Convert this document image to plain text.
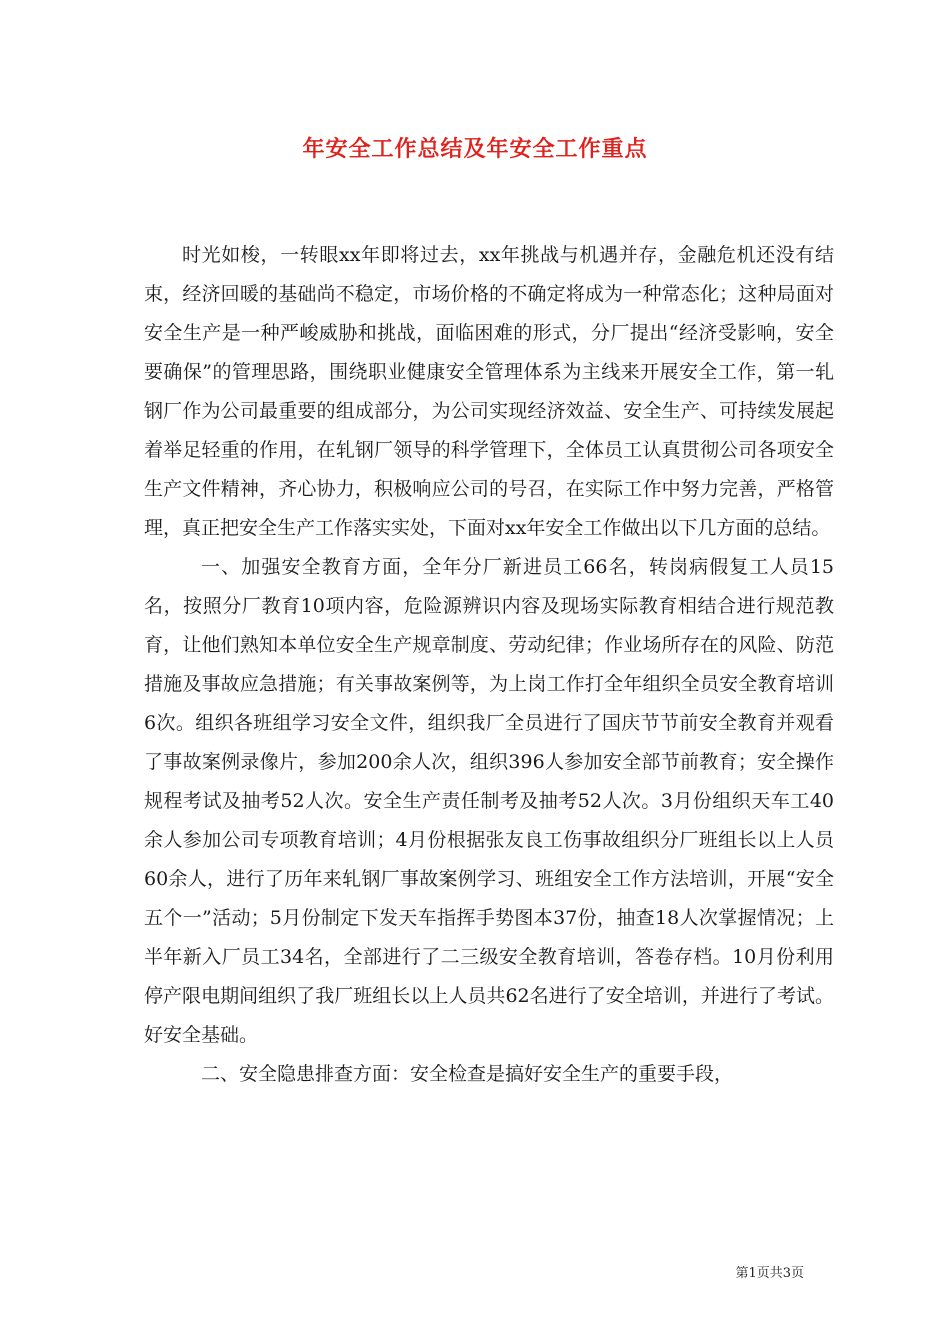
年安全工作总结及年安全工作重点

时光如梭，一转眼xx年即将过去，xx年挑战与机遇并存，金融危机还没有结束，经济回暖的基础尚不稳定，市场价格的不确定将成为一种常态化；这种局面对安全生产是一种严峻威胁和挑战，面临困难的形式，分厂提出“经济受影响，安全要确保”的管理思路，围绕职业健康安全管理体系为主线来开展安全工作，第一轧钢厂作为公司最重要的组成部分，为公司实现经济效益、安全生产、可持续发展起着举足轻重的作用，在轧钢厂领导的科学管理下，全体员工认真贯彻公司各项安全生产文件精神，齐心协力，积极响应公司的号召，在实际工作中努力完善，严格管理，真正把安全生产工作落实实处，下面对xx年安全工作做出以下几方面的总结。

一、加强安全教育方面，全年分厂新进员工66名，转岗病假复工人员15名，按照分厂教育10项内容，危险源辨识内容及现场实际教育相结合进行规范教育，让他们熟知本单位安全生产规章制度、劳动纪律；作业场所存在的风险、防范措施及事故应急措施；有关事故案例等，为上岗工作打全年组织全员安全教育培训6次。组织各班组学习安全文件，组织我厂全员进行了国庆节节前安全教育并观看了事故案例录像片，参加200余人次，组织396人参加安全部节前教育；安全操作规程考试及抽考52人次。安全生产责任制考及抽考52人次。3月份组织天车工40余人参加公司专项教育培训；4月份根据张友良工伤事故组织分厂班组长以上人员60余人，进行了历年来轧钢厂事故案例学习、班组安全工作方法培训，开展“安全五个一”活动；5月份制定下发天车指挥手势图本37份，抽查18人次掌握情况；上半年新入厂员工34名，全部进行了二三级安全教育培训，答卷存档。10月份利用停产限电期间组织了我厂班组长以上人员共62名进行了安全培训，并进行了考试。好安全基础。

二、安全隐患排查方面：安全检查是搞好安全生产的重要手段，

第1页共3页
